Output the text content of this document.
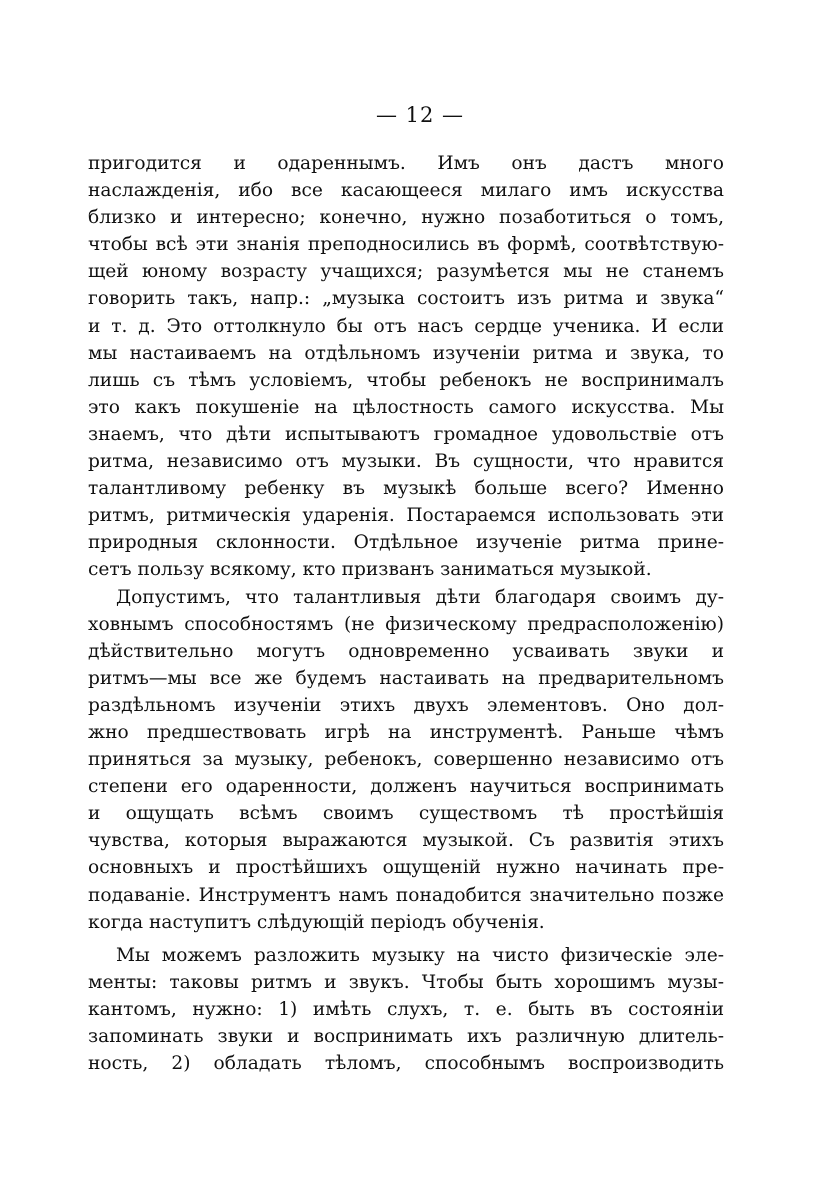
— 12 —
пригодится и одареннымъ. Имъ онъ дастъ много
наслажденія, ибо все касающееся милаго имъ искусства
близко и интересно; конечно, нужно позаботиться о томъ,
чтобы всѣ эти знанія преподносились въ формѣ, соотвѣтствую-
щей юному возрасту учащихся; разумѣется мы не станемъ
говорить такъ, напр.: „музыка состоитъ изъ ритма и звука“
и т. д. Это оттолкнуло бы отъ насъ сердце ученика. И если
мы настаиваемъ на отдѣльномъ изученіи ритма и звука, то
лишь съ тѣмъ условіемъ, чтобы ребенокъ не воспринималъ
это какъ покушеніе на цѣлостность самого искусства. Мы
знаемъ, что дѣти испытываютъ громадное удовольствіе отъ
ритма, независимо отъ музыки. Въ сущности, что нравится
талантливому ребенку въ музыкѣ больше всего? Именно
ритмъ, ритмическія ударенія. Постараемся использовать эти
природныя склонности. Отдѣльное изученіе ритма прине-
сетъ пользу всякому, кто призванъ заниматься музыкой.
Допустимъ, что талантливыя дѣти благодаря своимъ ду-
ховнымъ способностямъ (не физическому предрасположенію)
дѣйствительно могутъ одновременно усваивать звуки и
ритмъ—мы все же будемъ настаивать на предварительномъ
раздѣльномъ изученіи этихъ двухъ элементовъ. Оно дол-
жно предшествовать игрѣ на инструментѣ. Раньше чѣмъ
приняться за музыку, ребенокъ, совершенно независимо отъ
степени его одаренности, долженъ научиться воспринимать
и ощущать всѣмъ своимъ существомъ тѣ простѣйшія
чувства, которыя выражаются музыкой. Съ развитія этихъ
основныхъ и простѣйшихъ ощущеній нужно начинать пре-
подаваніе. Инструментъ намъ понадобится значительно позже
когда наступитъ слѣдующій періодъ обученія.
Мы можемъ разложить музыку на чисто физическіе эле-
менты: таковы ритмъ и звукъ. Чтобы быть хорошимъ музы-
кантомъ, нужно: 1) имѣть слухъ, т. е. быть въ состояніи
запоминать звуки и воспринимать ихъ различную длитель-
ность, 2) обладать тѣломъ, способнымъ воспроизводить
